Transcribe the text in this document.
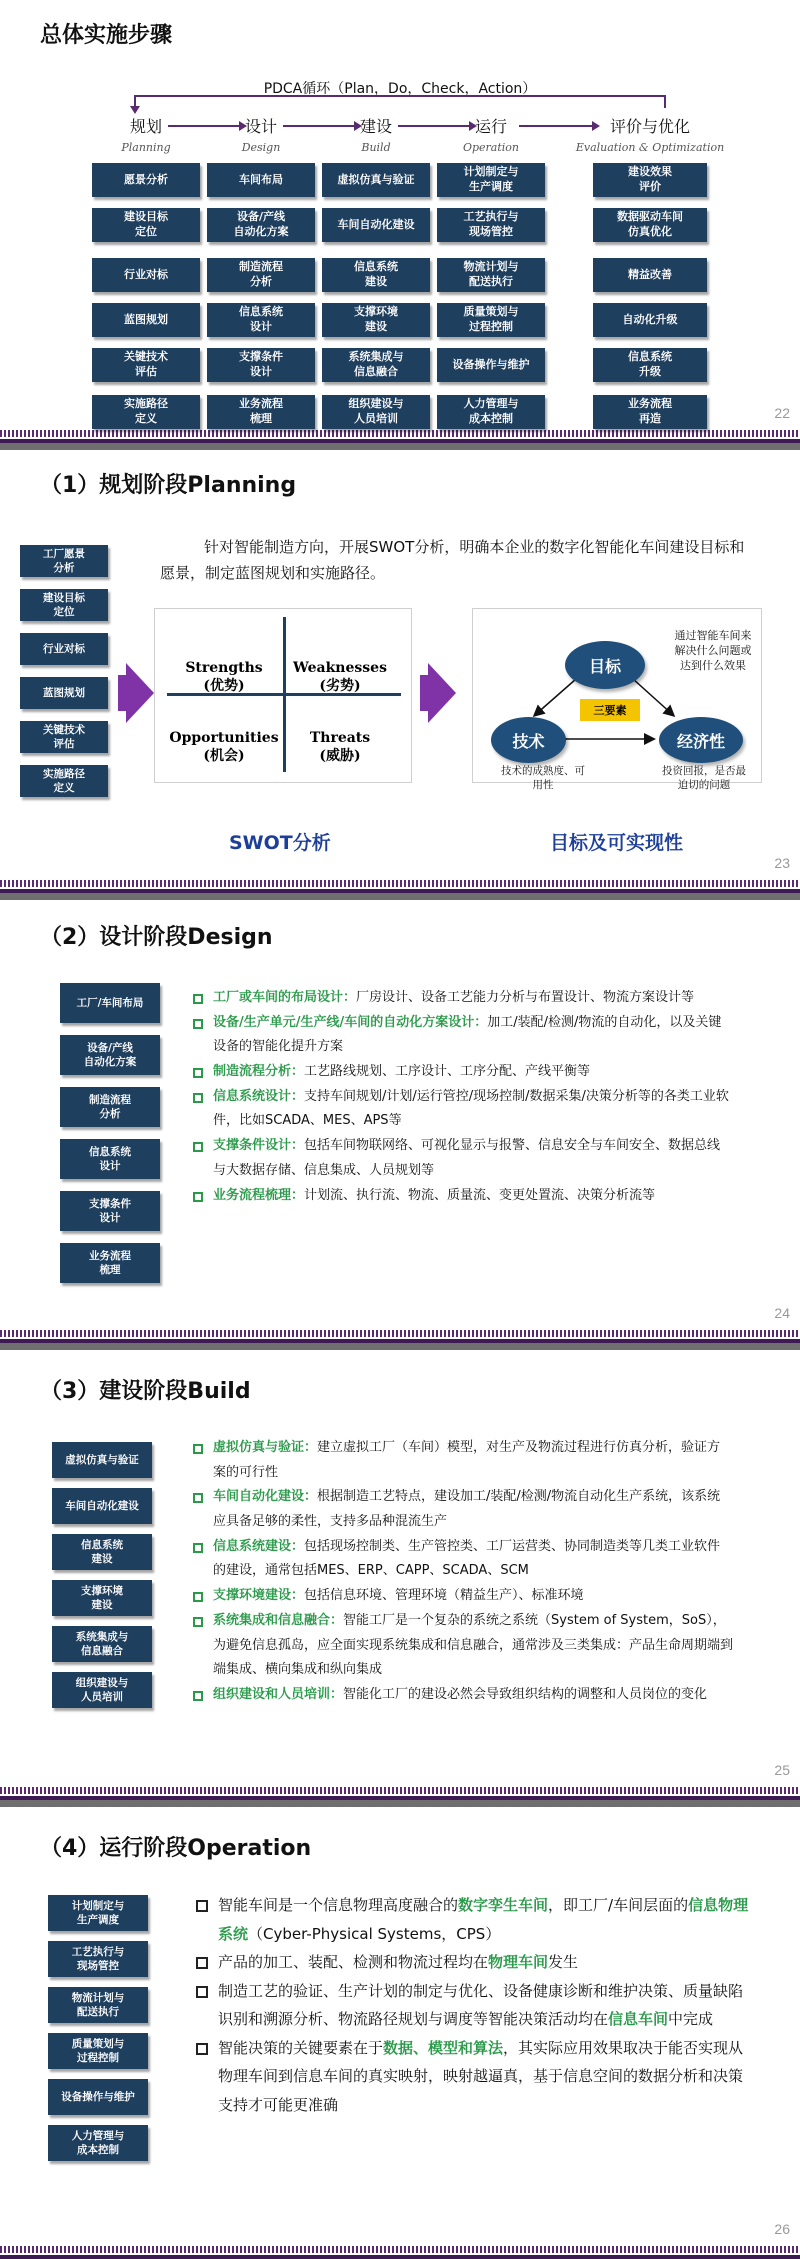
总体实施步骤
PDCA循环（Plan，Do，Check，Action）
22
规划
Planning
愿景分析
建设目标
定位
行业对标
蓝图规划
关键技术
评估
实施路径
定义
设计
Design
车间布局
设备/产线
自动化方案
制造流程
分析
信息系统
设计
支撑条件
设计
业务流程
梳理
建设
Build
虚拟仿真与验证
车间自动化建设
信息系统
建设
支撑环境
建设
系统集成与
信息融合
组织建设与
人员培训
运行
Operation
计划制定与
生产调度
工艺执行与
现场管控
物流计划与
配送执行
质量策划与
过程控制
设备操作与维护
人力管理与
成本控制
评价与优化
Evaluation & Optimization
建设效果
评价
数据驱动车间
仿真优化
精益改善
自动化升级
信息系统
升级
业务流程
再造
（1）规划阶段Planning
针对智能制造方向，开展SWOT分析，明确本企业的数字化智能化车间建设目标和愿景，制定蓝图规划和实施路径。
Strengths
(优势)
Weaknesses
(劣势)
Opportunities
(机会)
Threats
(威胁)
SWOT分析
目标
技术	经济性
三要素
通过智能车间来
解决什么问题或
达到什么效果
技术的成熟度、可
用性
投资回报，是否最
迫切的问题
目标及可实现性
23
工厂愿景
分析
建设目标
定位
行业对标
蓝图规划
关键技术
评估
实施路径
定义
（2）设计阶段Design
工厂或车间的布局设计：厂房设计、设备工艺能力分析与布置设计、物流方案设计等
设备/生产单元/生产线/车间的自动化方案设计：加工/装配/检测/物流的自动化，以及关键设备的智能化提升方案
制造流程分析：工艺路线规划、工序设计、工序分配、产线平衡等
信息系统设计：支持车间规划/计划/运行管控/现场控制/数据采集/决策分析等的各类工业软件，比如SCADA、MES、APS等
支撑条件设计：包括车间物联网络、可视化显示与报警、信息安全与车间安全、数据总线与大数据存储、信息集成、人员规划等
业务流程梳理：计划流、执行流、物流、质量流、变更处置流、决策分析流等
24
工厂/车间布局
设备/产线
自动化方案
制造流程
分析
信息系统
设计
支撑条件
设计
业务流程
梳理
（3）建设阶段Build
虚拟仿真与验证：建立虚拟工厂（车间）模型，对生产及物流过程进行仿真分析，验证方案的可行性
车间自动化建设：根据制造工艺特点，建设加工/装配/检测/物流自动化生产系统，该系统应具备足够的柔性，支持多品种混流生产
信息系统建设：包括现场控制类、生产管控类、工厂运营类、协同制造类等几类工业软件的建设，通常包括MES、ERP、CAPP、SCADA、SCM
支撑环境建设：包括信息环境、管理环境（精益生产）、标准环境
系统集成和信息融合：智能工厂是一个复杂的系统之系统（System of System，SoS），为避免信息孤岛，应全面实现系统集成和信息融合，通常涉及三类集成：产品生命周期端到端集成、横向集成和纵向集成
组织建设和人员培训：智能化工厂的建设必然会导致组织结构的调整和人员岗位的变化
25
虚拟仿真与验证
车间自动化建设
信息系统
建设
支撑环境
建设
系统集成与
信息融合
组织建设与
人员培训
（4）运行阶段Operation
智能车间是一个信息物理高度融合的数字孪生车间，即工厂/车间层面的信息物理系统（Cyber-Physical Systems，CPS）
产品的加工、装配、检测和物流过程均在物理车间发生
制造工艺的验证、生产计划的制定与优化、设备健康诊断和维护决策、质量缺陷识别和溯源分析、物流路径规划与调度等智能决策活动均在信息车间中完成
智能决策的关键要素在于数据、模型和算法，其实际应用效果取决于能否实现从物理车间到信息车间的真实映射，映射越逼真，基于信息空间的数据分析和决策支持才可能更准确
26
计划制定与
生产调度
工艺执行与
现场管控
物流计划与
配送执行
质量策划与
过程控制
设备操作与维护
人力管理与
成本控制
